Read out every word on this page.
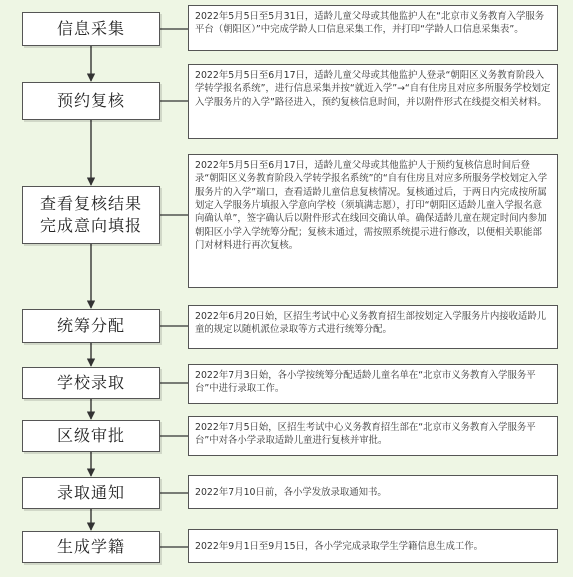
信息采集
2022年5月5日至5月31日，适龄儿童父母或其他监护人在“北京市义务教育入学服务平台（朝阳区）”中完成学龄人口信息采集工作，并打印“学龄人口信息采集表”。
预约复核
2022年5月5日至6月17日，适龄儿童父母或其他监护人登录“朝阳区义务教育阶段入学转学报名系统”，进行信息采集并按“就近入学”→“自有住房且对应多所服务学校划定入学服务片的入学”路径进入，预约复核信息时间，并以附件形式在线提交相关材料。
查看复核结果
完成意向填报
2022年5月5日至6月17日，适龄儿童父母或其他监护人于预约复核信息时间后登录“朝阳区义务教育阶段入学转学报名系统”的“自有住房且对应多所服务学校划定入学服务片的入学”端口，查看适龄儿童信息复核情况。复核通过后，于两日内完成按所属划定入学服务片填报入学意向学校（须填满志愿），打印“朝阳区适龄儿童入学报名意向确认单”，签字确认后以附件形式在线回交确认单。确保适龄儿童在规定时间内参加朝阳区小学入学统筹分配；复核未通过，需按照系统提示进行修改，以便相关职能部门对材料进行再次复核。
统筹分配	2022年6月20日始，区招生考试中心义务教育招生部按划定入学服务片内接收适龄儿童的规定以随机派位录取等方式进行统筹分配。
学校录取	2022年7月3日始，各小学按统筹分配适龄儿童名单在“北京市义务教育入学服务平台”中进行录取工作。
区级审批	2022年7月5日始，区招生考试中心义务教育招生部在“北京市义务教育入学服务平台”中对各小学录取适龄儿童进行复核并审批。
录取通知	2022年7月10日前，各小学发放录取通知书。
生成学籍	2022年9月1日至9月15日，各小学完成录取学生学籍信息生成工作。
